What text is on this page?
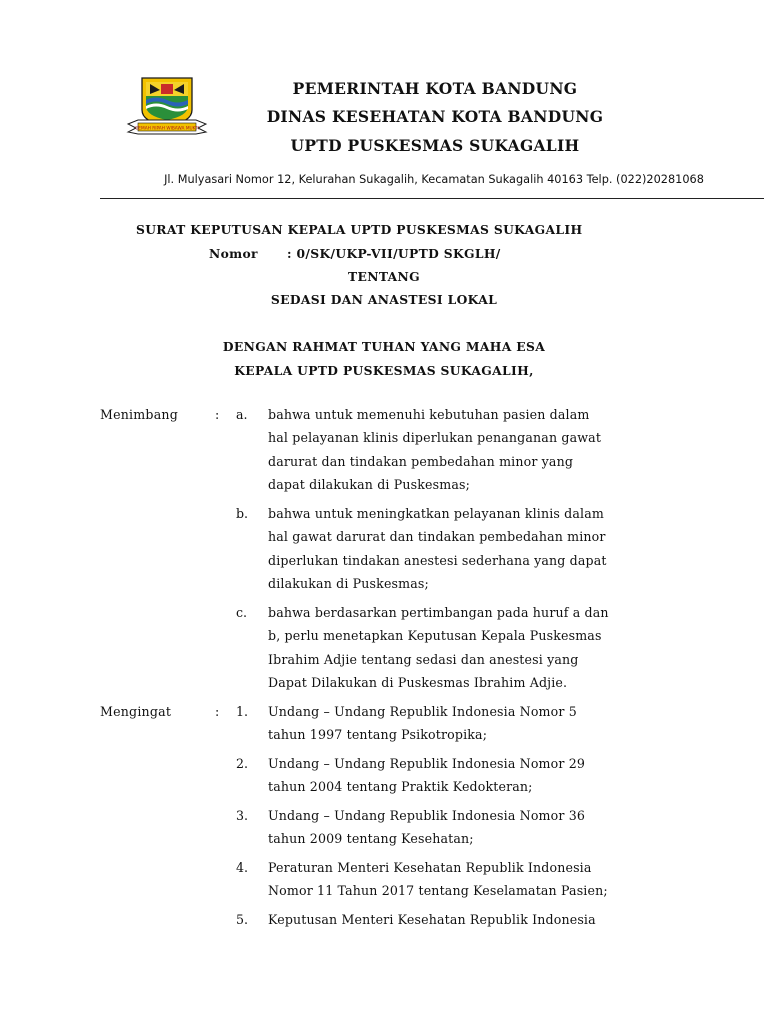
GEMAH RIPAH WIBAWA MUKTI
PEMERINTAH KOTA BANDUNG
DINAS KESEHATAN KOTA BANDUNG
UPTD PUSKESMAS SUKAGALIH
Jl. Mulyasari Nomor 12, Kelurahan Sukagalih, Kecamatan Sukagalih 40163 Telp. (022)20281068
SURAT KEPUTUSAN KEPALA UPTD PUSKESMAS SUKAGALIH
Nomor : 0/SK/UKP-VII/UPTD SKGLH/
TENTANG
SEDASI DAN ANASTESI LOKAL
DENGAN RAHMAT TUHAN YANG MAHA ESA
KEPALA UPTD PUSKESMAS SUKAGALIH,
Menimbang	: a. bahwa untuk memenuhi kebutuhan pasien dalam
hal pelayanan klinis diperlukan penanganan gawat
darurat dan tindakan pembedahan minor yang
dapat dilakukan di Puskesmas;
b. bahwa untuk meningkatkan pelayanan klinis dalam
hal gawat darurat dan tindakan pembedahan minor
diperlukan tindakan anestesi sederhana yang dapat
dilakukan di Puskesmas;
c. bahwa berdasarkan pertimbangan pada huruf a dan
b, perlu menetapkan Keputusan Kepala Puskesmas
Ibrahim Adjie tentang sedasi dan anestesi yang
Dapat Dilakukan di Puskesmas Ibrahim Adjie.
Mengingat	: 1. Undang – Undang Republik Indonesia Nomor 5
tahun 1997 tentang Psikotropika;
2. Undang – Undang Republik Indonesia Nomor 29
tahun 2004 tentang Praktik Kedokteran;
3. Undang – Undang Republik Indonesia Nomor 36
tahun 2009 tentang Kesehatan;
4. Peraturan Menteri Kesehatan Republik Indonesia
Nomor 11 Tahun 2017 tentang Keselamatan Pasien;
5. Keputusan Menteri Kesehatan Republik Indonesia
